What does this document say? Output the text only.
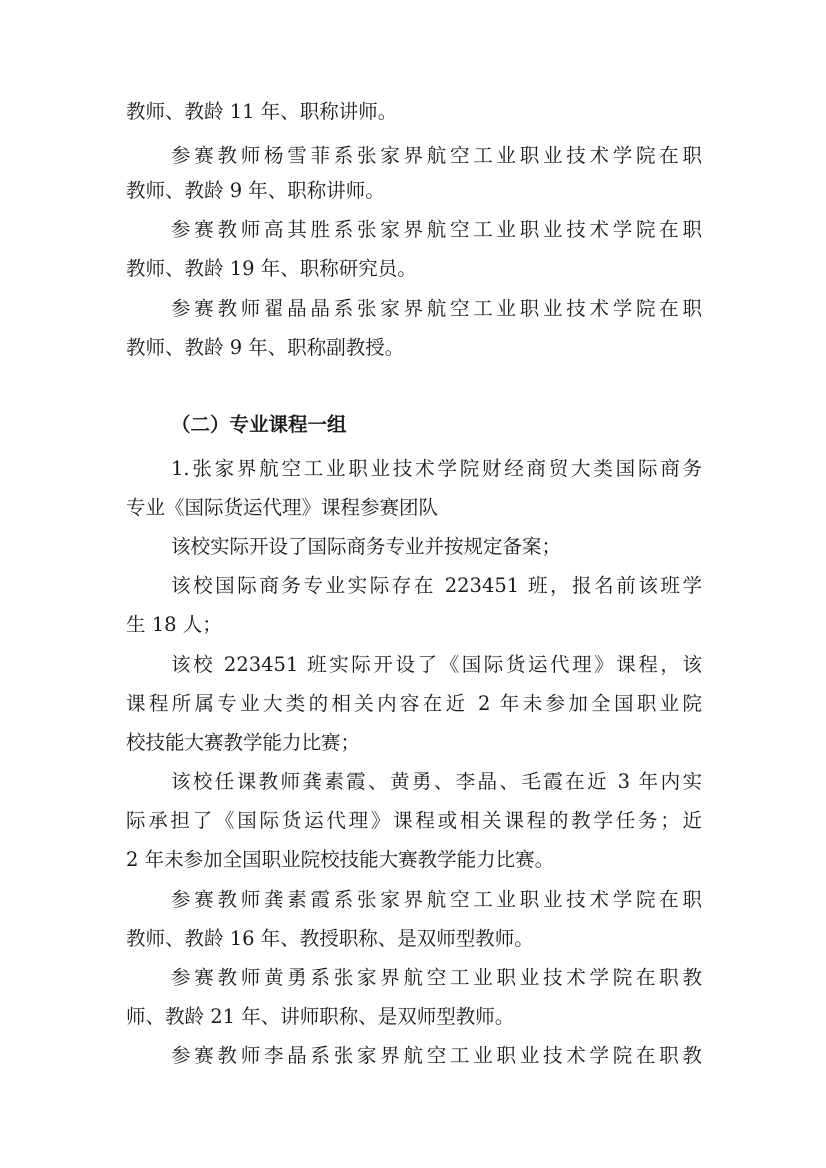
教师、教龄 11 年、职称讲师。
参赛教师杨雪菲系张家界航空工业职业技术学院在职
教师、教龄 9 年、职称讲师。
参赛教师高其胜系张家界航空工业职业技术学院在职
教师、教龄 19 年、职称研究员。
参赛教师翟晶晶系张家界航空工业职业技术学院在职
教师、教龄 9 年、职称副教授。
（二）专业课程一组
1.张家界航空工业职业技术学院财经商贸大类国际商务
专业《国际货运代理》课程参赛团队
该校实际开设了国际商务专业并按规定备案；
该校国际商务专业实际存在 223451 班，报名前该班学
生 18 人；
该校 223451 班实际开设了《国际货运代理》课程，该
课程所属专业大类的相关内容在近 2 年未参加全国职业院
校技能大赛教学能力比赛；
该校任课教师龚素霞、黄勇、李晶、毛霞在近 3 年内实
际承担了《国际货运代理》课程或相关课程的教学任务；近
2 年未参加全国职业院校技能大赛教学能力比赛。
参赛教师龚素霞系张家界航空工业职业技术学院在职
教师、教龄 16 年、教授职称、是双师型教师。
参赛教师黄勇系张家界航空工业职业技术学院在职教
师、教龄 21 年、讲师职称、是双师型教师。
参赛教师李晶系张家界航空工业职业技术学院在职教
